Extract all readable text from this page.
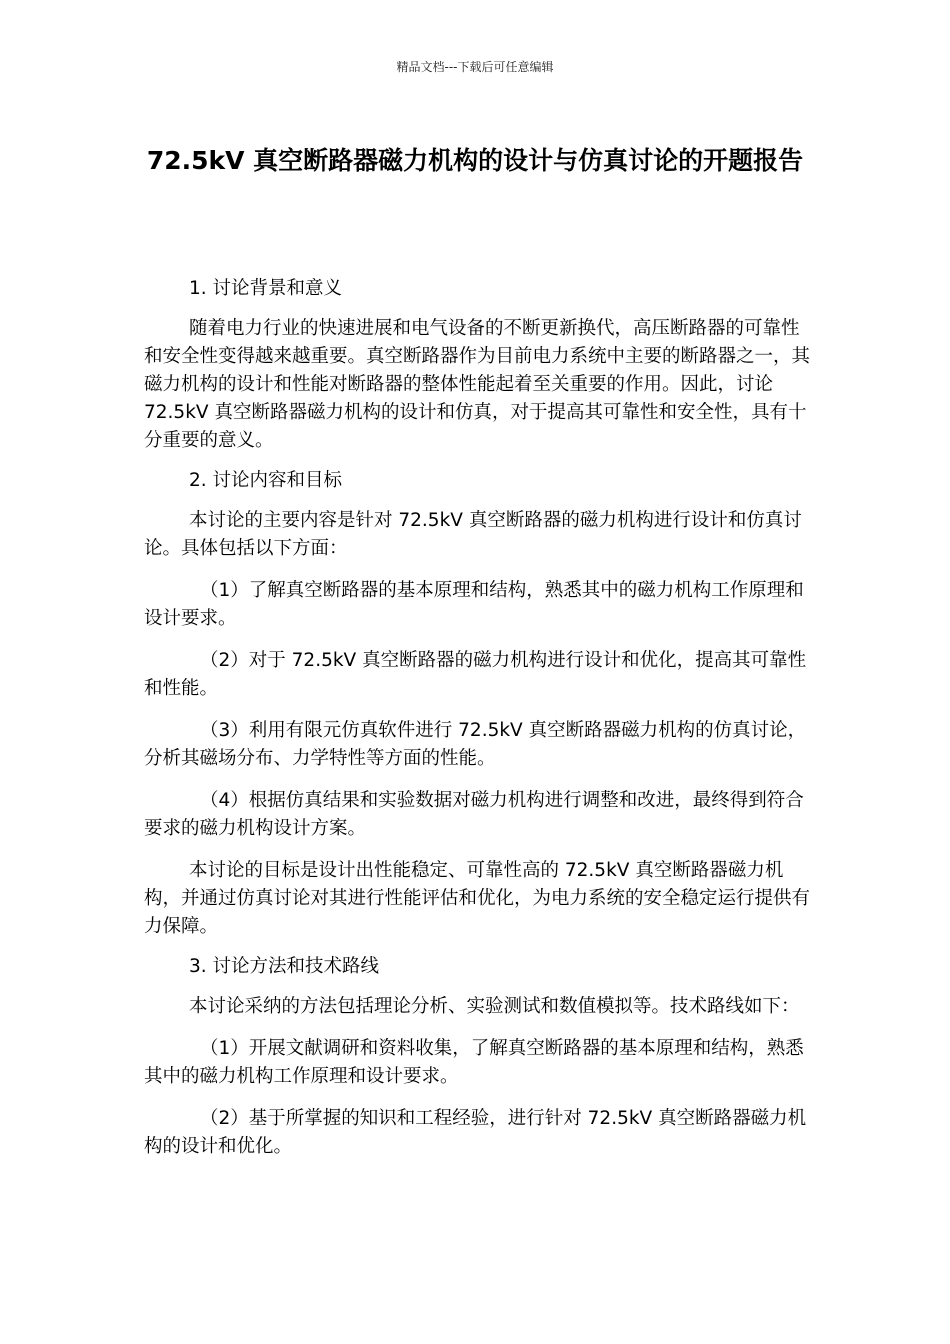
精品文档---下载后可任意编辑
72.5kV 真空断路器磁力机构的设计与仿真讨论的开题报告

1. 讨论背景和意义

随着电力行业的快速进展和电气设备的不断更新换代，高压断路器的可靠性和安全性变得越来越重要。真空断路器作为目前电力系统中主要的断路器之一，其磁力机构的设计和性能对断路器的整体性能起着至关重要的作用。因此，讨论 72.5kV 真空断路器磁力机构的设计和仿真，对于提高其可靠性和安全性，具有十分重要的意义。

2. 讨论内容和目标

本讨论的主要内容是针对 72.5kV 真空断路器的磁力机构进行设计和仿真讨论。具体包括以下方面：

（1）了解真空断路器的基本原理和结构，熟悉其中的磁力机构工作原理和设计要求。

（2）对于 72.5kV 真空断路器的磁力机构进行设计和优化，提高其可靠性和性能。

（3）利用有限元仿真软件进行 72.5kV 真空断路器磁力机构的仿真讨论，分析其磁场分布、力学特性等方面的性能。

（4）根据仿真结果和实验数据对磁力机构进行调整和改进，最终得到符合要求的磁力机构设计方案。

本讨论的目标是设计出性能稳定、可靠性高的 72.5kV 真空断路器磁力机构，并通过仿真讨论对其进行性能评估和优化，为电力系统的安全稳定运行提供有力保障。

3. 讨论方法和技术路线

本讨论采纳的方法包括理论分析、实验测试和数值模拟等。技术路线如下：

（1）开展文献调研和资料收集，了解真空断路器的基本原理和结构，熟悉其中的磁力机构工作原理和设计要求。

（2）基于所掌握的知识和工程经验，进行针对 72.5kV 真空断路器磁力机构的设计和优化。
